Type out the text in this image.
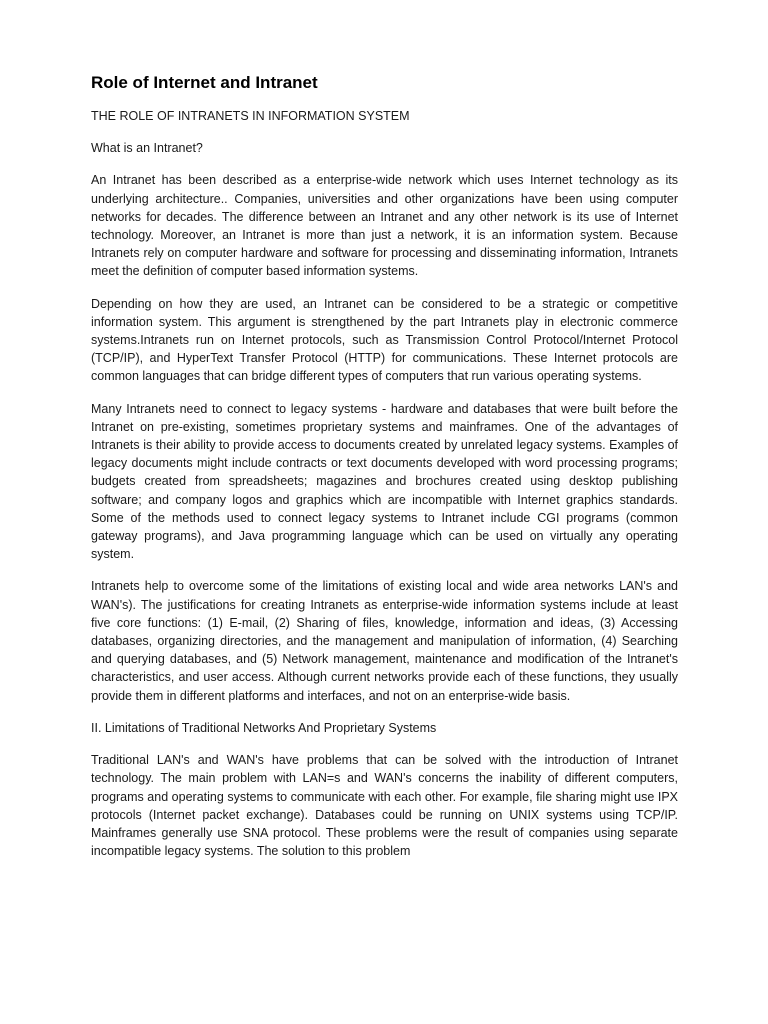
Role of Internet and Intranet

THE ROLE OF INTRANETS IN INFORMATION SYSTEM

What is an Intranet?

An Intranet has been described as a enterprise-wide network which uses Internet technology as its underlying architecture.. Companies, universities and other organizations have been using computer networks for decades. The difference between an Intranet and any other network is its use of Internet technology. Moreover, an Intranet is more than just a network, it is an information system. Because Intranets rely on computer hardware and software for processing and disseminating information, Intranets meet the definition of computer based information systems.

Depending on how they are used, an Intranet can be considered to be a strategic or competitive information system. This argument is strengthened by the part Intranets play in electronic commerce systems.Intranets run on Internet protocols, such as Transmission Control Protocol/Internet Protocol (TCP/IP), and HyperText Transfer Protocol (HTTP) for communications. These Internet protocols are common languages that can bridge different types of computers that run various operating systems.

Many Intranets need to connect to legacy systems - hardware and databases that were built before the Intranet on pre-existing, sometimes proprietary systems and mainframes. One of the advantages of Intranets is their ability to provide access to documents created by unrelated legacy systems. Examples of legacy documents might include contracts or text documents developed with word processing programs; budgets created from spreadsheets; magazines and brochures created using desktop publishing software; and company logos and graphics which are incompatible with Internet graphics standards. Some of the methods used to connect legacy systems to Intranet include CGI programs (common gateway programs), and Java programming language which can be used on virtually any operating system.

Intranets help to overcome some of the limitations of existing local and wide area networks LAN's and WAN's). The justifications for creating Intranets as enterprise-wide information systems include at least five core functions: (1) E-mail, (2) Sharing of files, knowledge, information and ideas, (3) Accessing databases, organizing directories, and the management and manipulation of information, (4) Searching and querying databases, and (5) Network management, maintenance and modification of the Intranet's characteristics, and user access. Although current networks provide each of these functions, they usually provide them in different platforms and interfaces, and not on an enterprise-wide basis.

II. Limitations of Traditional Networks And Proprietary Systems

Traditional LAN's and WAN's have problems that can be solved with the introduction of Intranet technology. The main problem with LAN=s and WAN's concerns the inability of different computers, programs and operating systems to communicate with each other. For example, file sharing might use IPX protocols (Internet packet exchange). Databases could be running on UNIX systems using TCP/IP. Mainframes generally use SNA protocol. These problems were the result of companies using separate incompatible legacy systems. The solution to this problem
